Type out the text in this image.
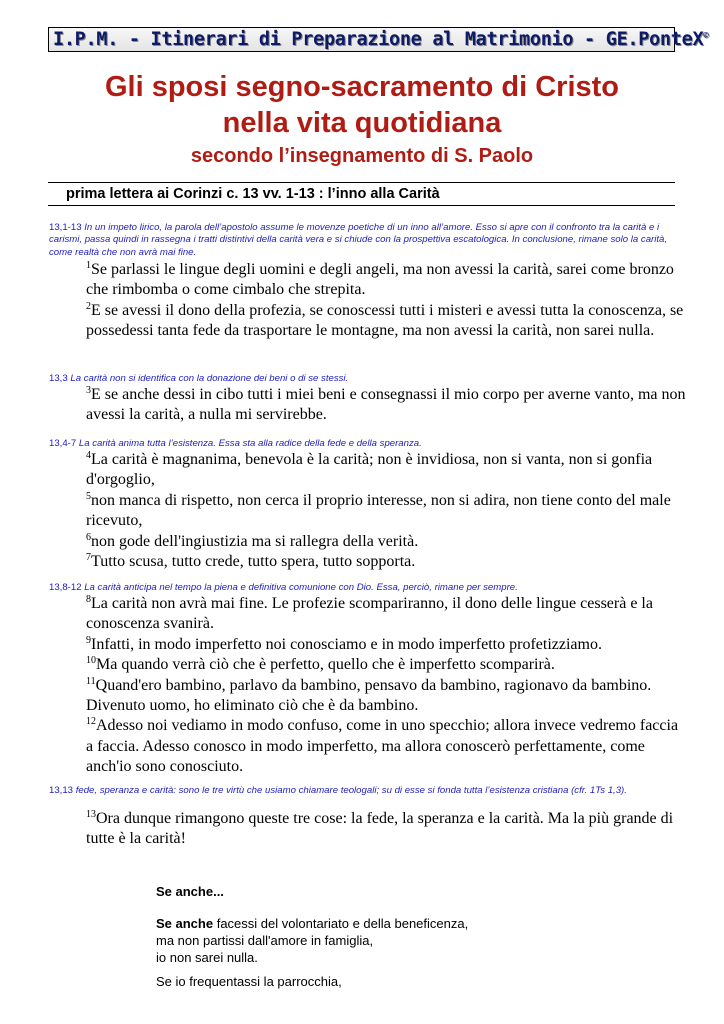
I.P.M. - Itinerari di Preparazione al Matrimonio - GE.PonteX©
Gli sposi segno-sacramento di Cristo
nella vita quotidiana
secondo l’insegnamento di S. Paolo
prima lettera ai Corinzi c. 13 vv. 1-13 : l’inno alla Carità
13,1-13 In un impeto lirico, la parola dell’apostolo assume le movenze poetiche di un inno all’amore. Esso si apre con il confronto tra la carità e i carismi, passa quindi in rassegna i tratti distintivi della carità vera e si chiude con la prospettiva escatologica. In conclusione, rimane solo la carità, come realtà che non avrà mai fine.
$^1$Se parlassi le lingue degli uomini e degli angeli, ma non avessi la carità, sarei come bronzo che rimbomba o come cimbalo che strepita.
$^2$E se avessi il dono della profezia, se conoscessi tutti i misteri e avessi tutta la conoscenza, se possedessi tanta fede da trasportare le montagne, ma non avessi la carità, non sarei nulla.
13,3 La carità non si identifica con la donazione dei beni o di se stessi.
$^3$E se anche dessi in cibo tutti i miei beni e consegnassi il mio corpo per averne vanto, ma non avessi la carità, a nulla mi servirebbe.
13,4-7 La carità anima tutta l’esistenza. Essa sta alla radice della fede e della speranza.
$^4$La carità è magnanima, benevola è la carità; non è invidiosa, non si vanta, non si gonfia d'orgoglio,
$^5$non manca di rispetto, non cerca il proprio interesse, non si adira, non tiene conto del male ricevuto,
$^6$non gode dell'ingiustizia ma si rallegra della verità.
$^7$Tutto scusa, tutto crede, tutto spera, tutto sopporta.
13,8-12 La carità anticipa nel tempo la piena e definitiva comunione con Dio. Essa, perciò, rimane per sempre.
$^8$La carità non avrà mai fine. Le profezie scompariranno, il dono delle lingue cesserà e la conoscenza svanirà.
$^9$Infatti, in modo imperfetto noi conosciamo e in modo imperfetto profetizziamo.
$^{10}$Ma quando verrà ciò che è perfetto, quello che è imperfetto scomparirà.
$^{11}$Quand'ero bambino, parlavo da bambino, pensavo da bambino, ragionavo da bambino. Divenuto uomo, ho eliminato ciò che è da bambino.
$^{12}$Adesso noi vediamo in modo confuso, come in uno specchio; allora invece vedremo faccia a faccia. Adesso conosco in modo imperfetto, ma allora conoscerò perfettamente, come anch'io sono conosciuto.
13,13 fede, speranza e carità: sono le tre virtù che usiamo chiamare teologali; su di esse si fonda tutta l’esistenza cristiana (cfr. 1Ts 1,3).
$^{13}$Ora dunque rimangono queste tre cose: la fede, la speranza e la carità. Ma la più grande di tutte è la carità!
Se anche...
Se anche facessi del volontariato e della beneficenza,
ma non partissi dall'amore in famiglia,
io non sarei nulla.
Se io frequentassi la parrocchia,
